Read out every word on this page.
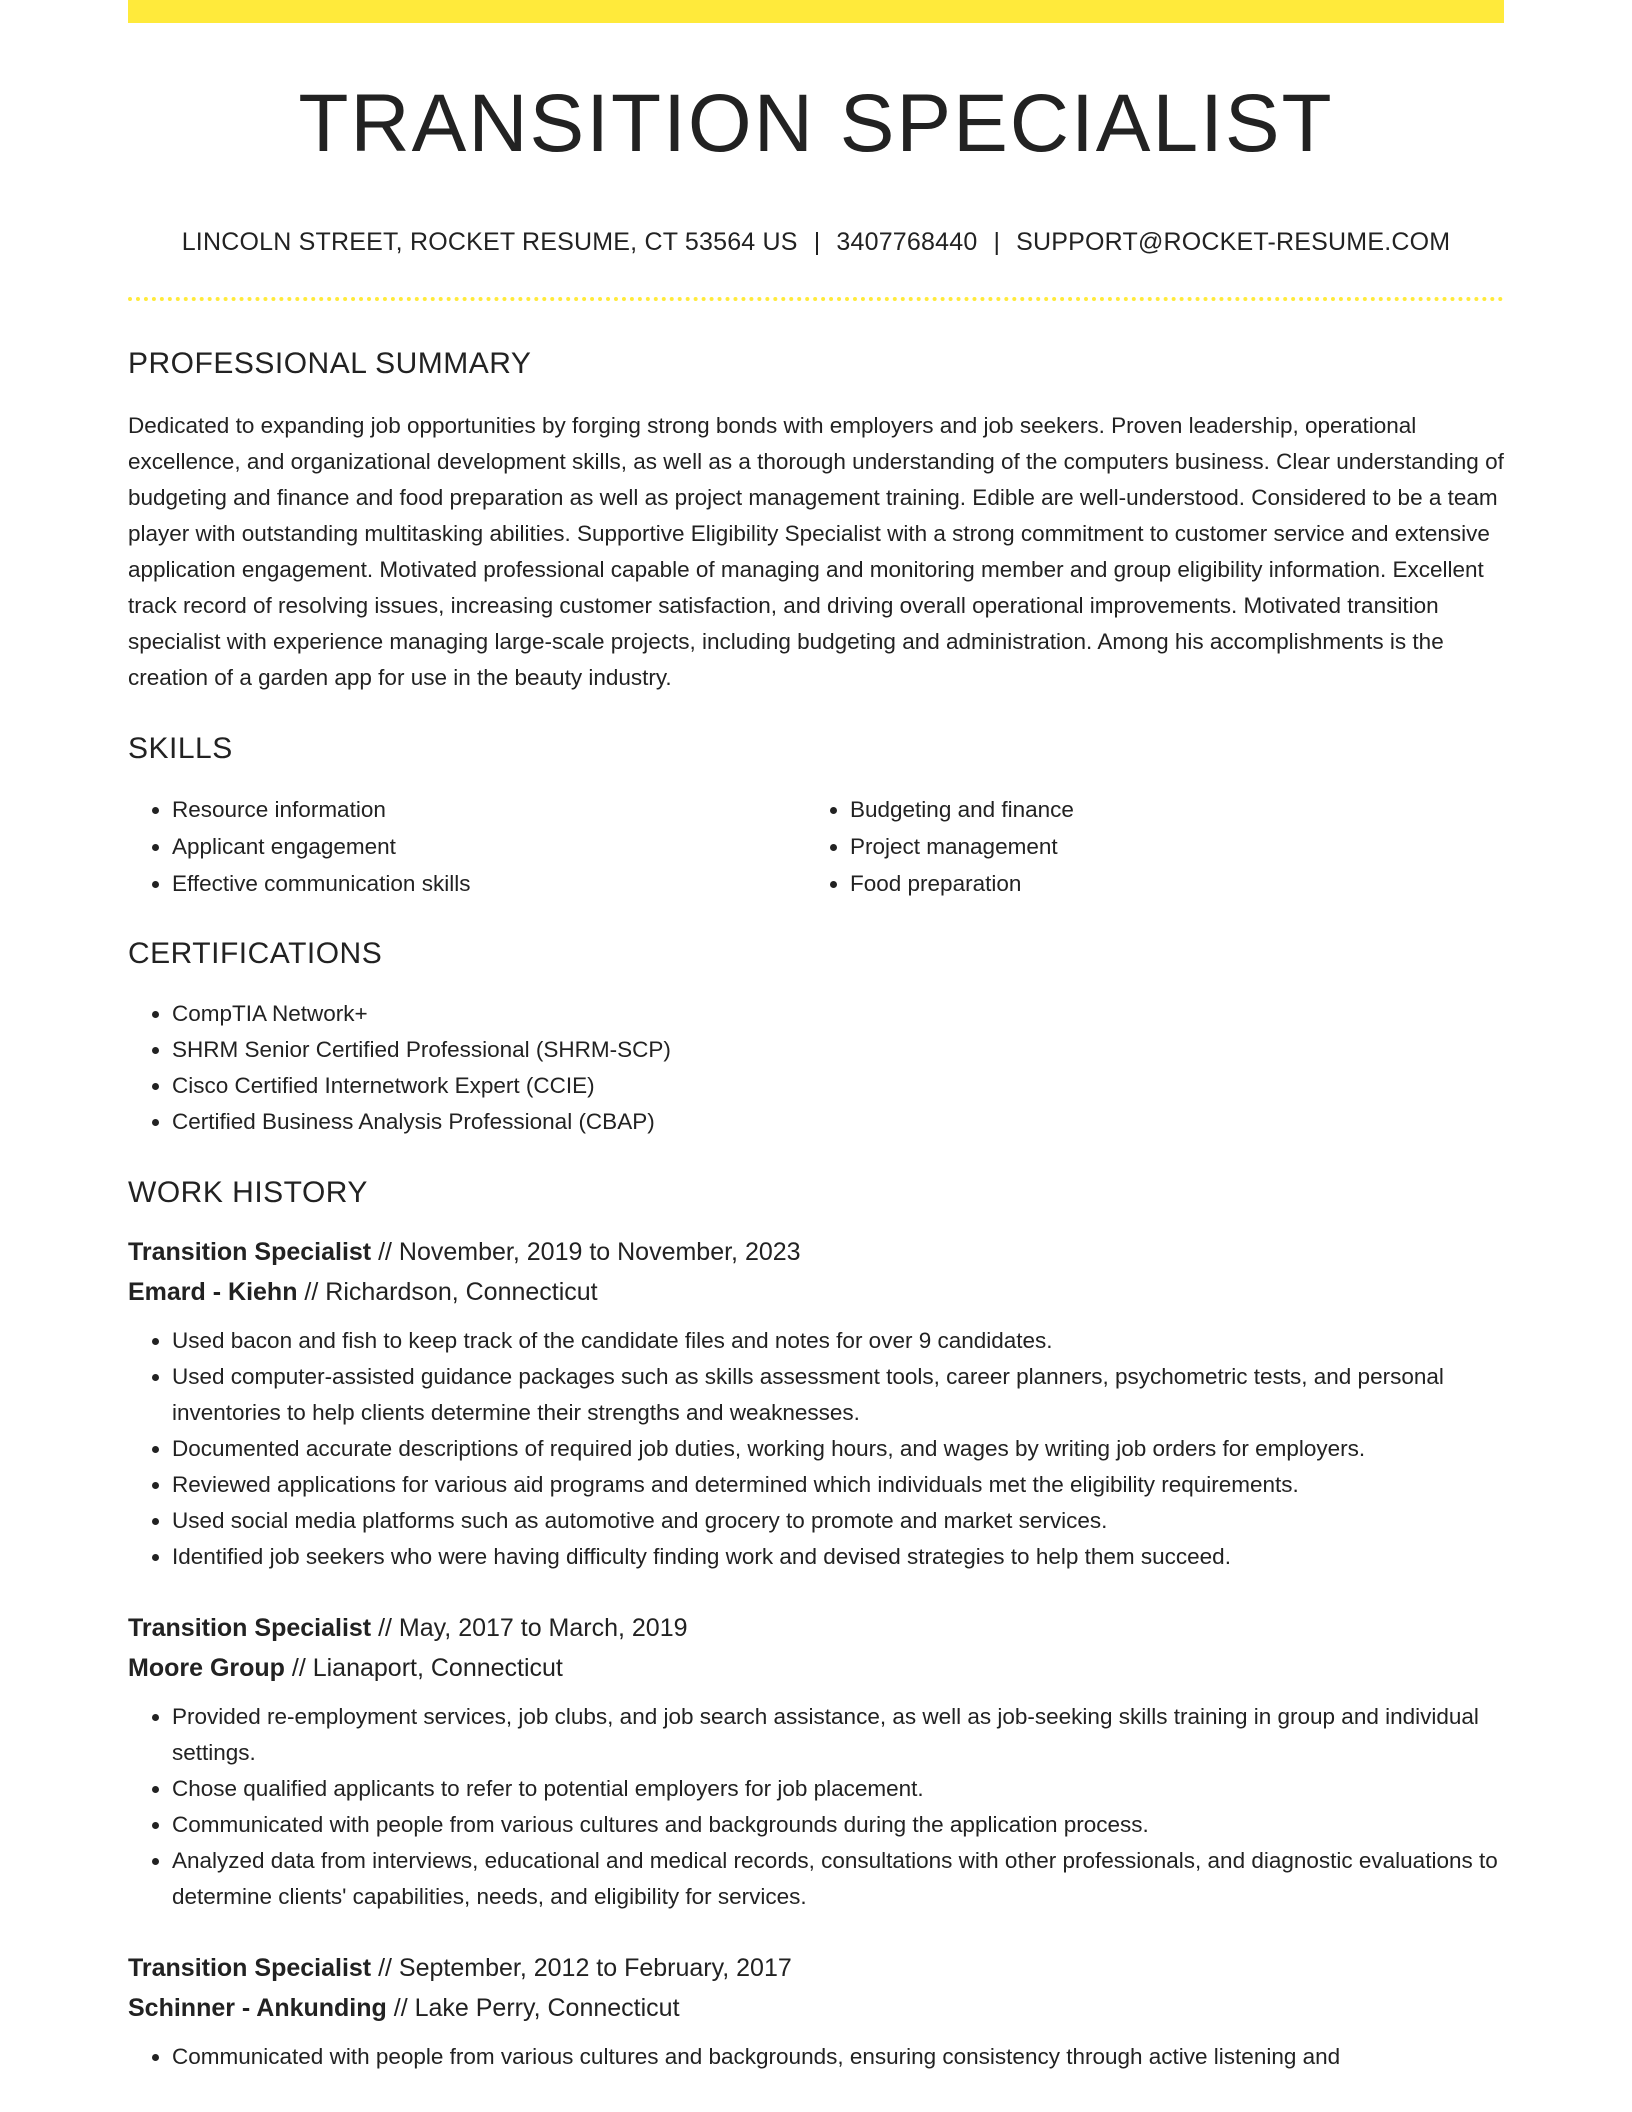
TRANSITION SPECIALIST
LINCOLN STREET, ROCKET RESUME, CT 53564 US | 3407768440 | SUPPORT@ROCKET-RESUME.COM
PROFESSIONAL SUMMARY

Dedicated to expanding job opportunities by forging strong bonds with employers and job seekers. Proven leadership, operational excellence, and organizational development skills, as well as a thorough understanding of the computers business. Clear understanding of budgeting and finance and food preparation as well as project management training. Edible are well-understood. Considered to be a team player with outstanding multitasking abilities. Supportive Eligibility Specialist with a strong commitment to customer service and extensive application engagement. Motivated professional capable of managing and monitoring member and group eligibility information. Excellent track record of resolving issues, increasing customer satisfaction, and driving overall operational improvements. Motivated transition specialist with experience managing large-scale projects, including budgeting and administration. Among his accomplishments is the creation of a garden app for use in the beauty industry.

SKILLS
• Resource information
• Applicant engagement
• Effective communication skills
• Budgeting and finance
• Project management
• Food preparation
CERTIFICATIONS
• CompTIA Network+
• SHRM Senior Certified Professional (SHRM-SCP)
• Cisco Certified Internetwork Expert (CCIE)
• Certified Business Analysis Professional (CBAP)
WORK HISTORY
Transition Specialist // November, 2019 to November, 2023
Emard - Kiehn // Richardson, Connecticut
• Used bacon and fish to keep track of the candidate files and notes for over 9 candidates.
• Used computer-assisted guidance packages such as skills assessment tools, career planners, psychometric tests, and personal inventories to help clients determine their strengths and weaknesses.
• Documented accurate descriptions of required job duties, working hours, and wages by writing job orders for employers.
• Reviewed applications for various aid programs and determined which individuals met the eligibility requirements.
• Used social media platforms such as automotive and grocery to promote and market services.
• Identified job seekers who were having difficulty finding work and devised strategies to help them succeed.
Transition Specialist // May, 2017 to March, 2019
Moore Group // Lianaport, Connecticut
• Provided re-employment services, job clubs, and job search assistance, as well as job-seeking skills training in group and individual settings.
• Chose qualified applicants to refer to potential employers for job placement.
• Communicated with people from various cultures and backgrounds during the application process.
• Analyzed data from interviews, educational and medical records, consultations with other professionals, and diagnostic evaluations to determine clients' capabilities, needs, and eligibility for services.
Transition Specialist // September, 2012 to February, 2017
Schinner - Ankunding // Lake Perry, Connecticut
• Communicated with people from various cultures and backgrounds, ensuring consistency through active listening and
